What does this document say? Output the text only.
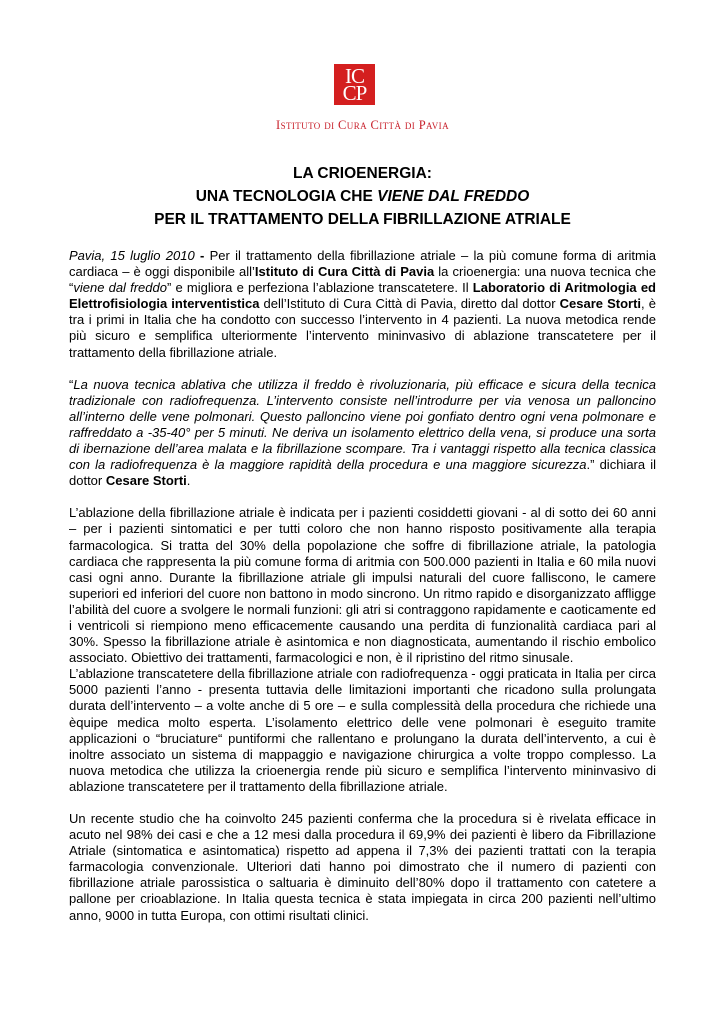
IC
CP
Istituto di Cura Città di Pavia
LA CRIOENERGIA:
UNA TECNOLOGIA CHE VIENE DAL FREDDO
PER IL TRATTAMENTO DELLA FIBRILLAZIONE ATRIALE

Pavia, 15 luglio 2010 - Per il trattamento della fibrillazione atriale – la più comune forma di aritmia cardiaca – è oggi disponibile all’Istituto di Cura Città di Pavia la crioenergia: una nuova tecnica che “viene dal freddo” e migliora e perfeziona l’ablazione transcatetere. Il Laboratorio di Aritmologia ed Elettrofisiologia interventistica dell’Istituto di Cura Città di Pavia, diretto dal dottor Cesare Storti, è tra i primi in Italia che ha condotto con successo l’intervento in 4 pazienti. La nuova metodica rende più sicuro e semplifica ulteriormente l’intervento mininvasivo di ablazione transcatetere per il trattamento della fibrillazione atriale.

“La nuova tecnica ablativa che utilizza il freddo è rivoluzionaria, più efficace e sicura della tecnica tradizionale con radiofrequenza. L’intervento consiste nell’introdurre per via venosa un palloncino all’interno delle vene polmonari. Questo palloncino viene poi gonfiato dentro ogni vena polmonare e raffreddato a -35-40° per 5 minuti. Ne deriva un isolamento elettrico della vena, si produce una sorta di ibernazione dell’area malata e la fibrillazione scompare. Tra i vantaggi rispetto alla tecnica classica con la radiofrequenza è la maggiore rapidità della procedura e una maggiore sicurezza.” dichiara il dottor Cesare Storti.

L’ablazione della fibrillazione atriale è indicata per i pazienti cosiddetti giovani - al di sotto dei 60 anni – per i pazienti sintomatici e per tutti coloro che non hanno risposto positivamente alla terapia farmacologica. Si tratta del 30% della popolazione che soffre di fibrillazione atriale, la patologia cardiaca che rappresenta la più comune forma di aritmia con 500.000 pazienti in Italia e 60 mila nuovi casi ogni anno. Durante la fibrillazione atriale gli impulsi naturali del cuore falliscono, le camere superiori ed inferiori del cuore non battono in modo sincrono. Un ritmo rapido e disorganizzato affligge l’abilità del cuore a svolgere le normali funzioni: gli atri si contraggono rapidamente e caoticamente ed i ventricoli si riempiono meno efficacemente causando una perdita di funzionalità cardiaca pari al 30%. Spesso la fibrillazione atriale è asintomica e non diagnosticata, aumentando il rischio embolico associato. Obiettivo dei trattamenti, farmacologici e non, è il ripristino del ritmo sinusale.

L’ablazione transcatetere della fibrillazione atriale con radiofrequenza - oggi praticata in Italia per circa 5000 pazienti l’anno - presenta tuttavia delle limitazioni importanti che ricadono sulla prolungata durata dell’intervento – a volte anche di 5 ore – e sulla complessità della procedura che richiede una èquipe medica molto esperta. L’isolamento elettrico delle vene polmonari è eseguito tramite applicazioni o “bruciature“ puntiformi che rallentano e prolungano la durata dell’intervento, a cui è inoltre associato un sistema di mappaggio e navigazione chirurgica a volte troppo complesso. La nuova metodica che utilizza la crioenergia rende più sicuro e semplifica l’intervento mininvasivo di ablazione transcatetere per il trattamento della fibrillazione atriale.

Un recente studio che ha coinvolto 245 pazienti conferma che la procedura si è rivelata efficace in acuto nel 98% dei casi e che a 12 mesi dalla procedura il 69,9% dei pazienti è libero da Fibrillazione Atriale (sintomatica e asintomatica) rispetto ad appena il 7,3% dei pazienti trattati con la terapia farmacologia convenzionale. Ulteriori dati hanno poi dimostrato che il numero di pazienti con fibrillazione atriale parossistica o saltuaria è diminuito dell’80% dopo il trattamento con catetere a pallone per crioablazione. In Italia questa tecnica è stata impiegata in circa 200 pazienti nell’ultimo anno, 9000 in tutta Europa, con ottimi risultati clinici.
